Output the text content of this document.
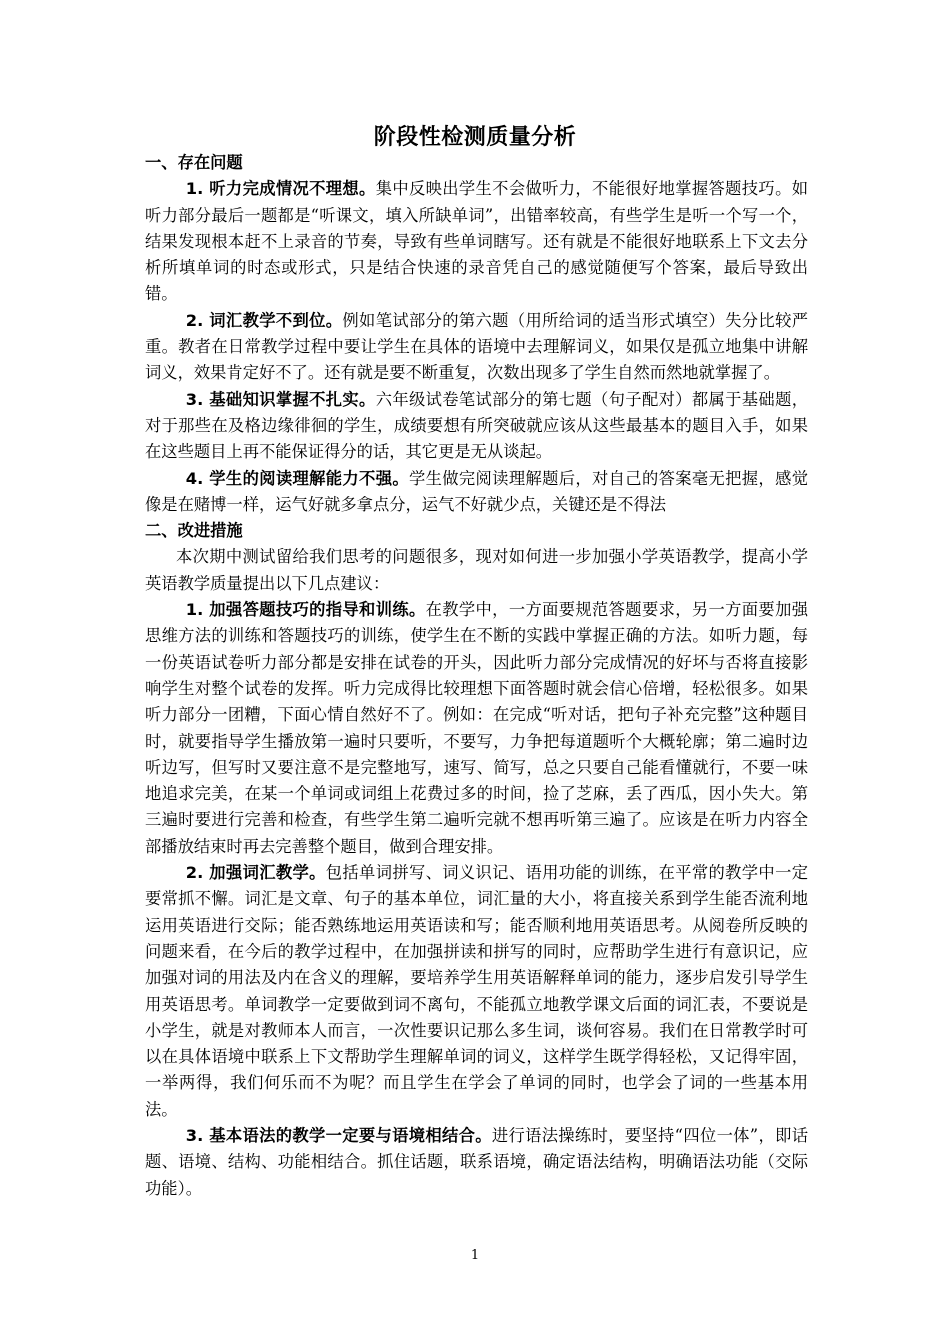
阶段性检测质量分析

一、存在问题

1. 听力完成情况不理想。集中反映出学生不会做听力，不能很好地掌握答题技巧。如听力部分最后一题都是“听课文，填入所缺单词”，出错率较高，有些学生是听一个写一个，结果发现根本赶不上录音的节奏，导致有些单词瞎写。还有就是不能很好地联系上下文去分析所填单词的时态或形式，只是结合快速的录音凭自己的感觉随便写个答案，最后导致出错。

2. 词汇教学不到位。例如笔试部分的第六题（用所给词的适当形式填空）失分比较严重。教者在日常教学过程中要让学生在具体的语境中去理解词义，如果仅是孤立地集中讲解词义，效果肯定好不了。还有就是要不断重复，次数出现多了学生自然而然地就掌握了。

3. 基础知识掌握不扎实。六年级试卷笔试部分的第七题（句子配对）都属于基础题，对于那些在及格边缘徘徊的学生，成绩要想有所突破就应该从这些最基本的题目入手，如果在这些题目上再不能保证得分的话，其它更是无从谈起。

4. 学生的阅读理解能力不强。学生做完阅读理解题后，对自己的答案毫无把握，感觉像是在赌博一样，运气好就多拿点分，运气不好就少点，关键还是不得法

二、改进措施

本次期中测试留给我们思考的问题很多，现对如何进一步加强小学英语教学，提高小学英语教学质量提出以下几点建议：

1. 加强答题技巧的指导和训练。在教学中，一方面要规范答题要求，另一方面要加强思维方法的训练和答题技巧的训练，使学生在不断的实践中掌握正确的方法。如听力题，每一份英语试卷听力部分都是安排在试卷的开头，因此听力部分完成情况的好坏与否将直接影响学生对整个试卷的发挥。听力完成得比较理想下面答题时就会信心倍增，轻松很多。如果听力部分一团糟，下面心情自然好不了。例如：在完成“听对话，把句子补充完整”这种题目时，就要指导学生播放第一遍时只要听，不要写，力争把每道题听个大概轮廓；第二遍时边听边写，但写时又要注意不是完整地写，速写、简写，总之只要自己能看懂就行，不要一味地追求完美，在某一个单词或词组上花费过多的时间，捡了芝麻，丢了西瓜，因小失大。第三遍时要进行完善和检查，有些学生第二遍听完就不想再听第三遍了。应该是在听力内容全部播放结束时再去完善整个题目，做到合理安排。

2. 加强词汇教学。包括单词拼写、词义识记、语用功能的训练，在平常的教学中一定要常抓不懈。词汇是文章、句子的基本单位，词汇量的大小，将直接关系到学生能否流利地运用英语进行交际；能否熟练地运用英语读和写；能否顺利地用英语思考。从阅卷所反映的问题来看，在今后的教学过程中，在加强拼读和拼写的同时，应帮助学生进行有意识记，应加强对词的用法及内在含义的理解，要培养学生用英语解释单词的能力，逐步启发引导学生用英语思考。单词教学一定要做到词不离句，不能孤立地教学课文后面的词汇表，不要说是小学生，就是对教师本人而言，一次性要识记那么多生词，谈何容易。我们在日常教学时可以在具体语境中联系上下文帮助学生理解单词的词义，这样学生既学得轻松，又记得牢固，一举两得，我们何乐而不为呢？而且学生在学会了单词的同时，也学会了词的一些基本用法。

3. 基本语法的教学一定要与语境相结合。进行语法操练时，要坚持“四位一体”，即话题、语境、结构、功能相结合。抓住话题，联系语境，确定语法结构，明确语法功能（交际功能）。

1
